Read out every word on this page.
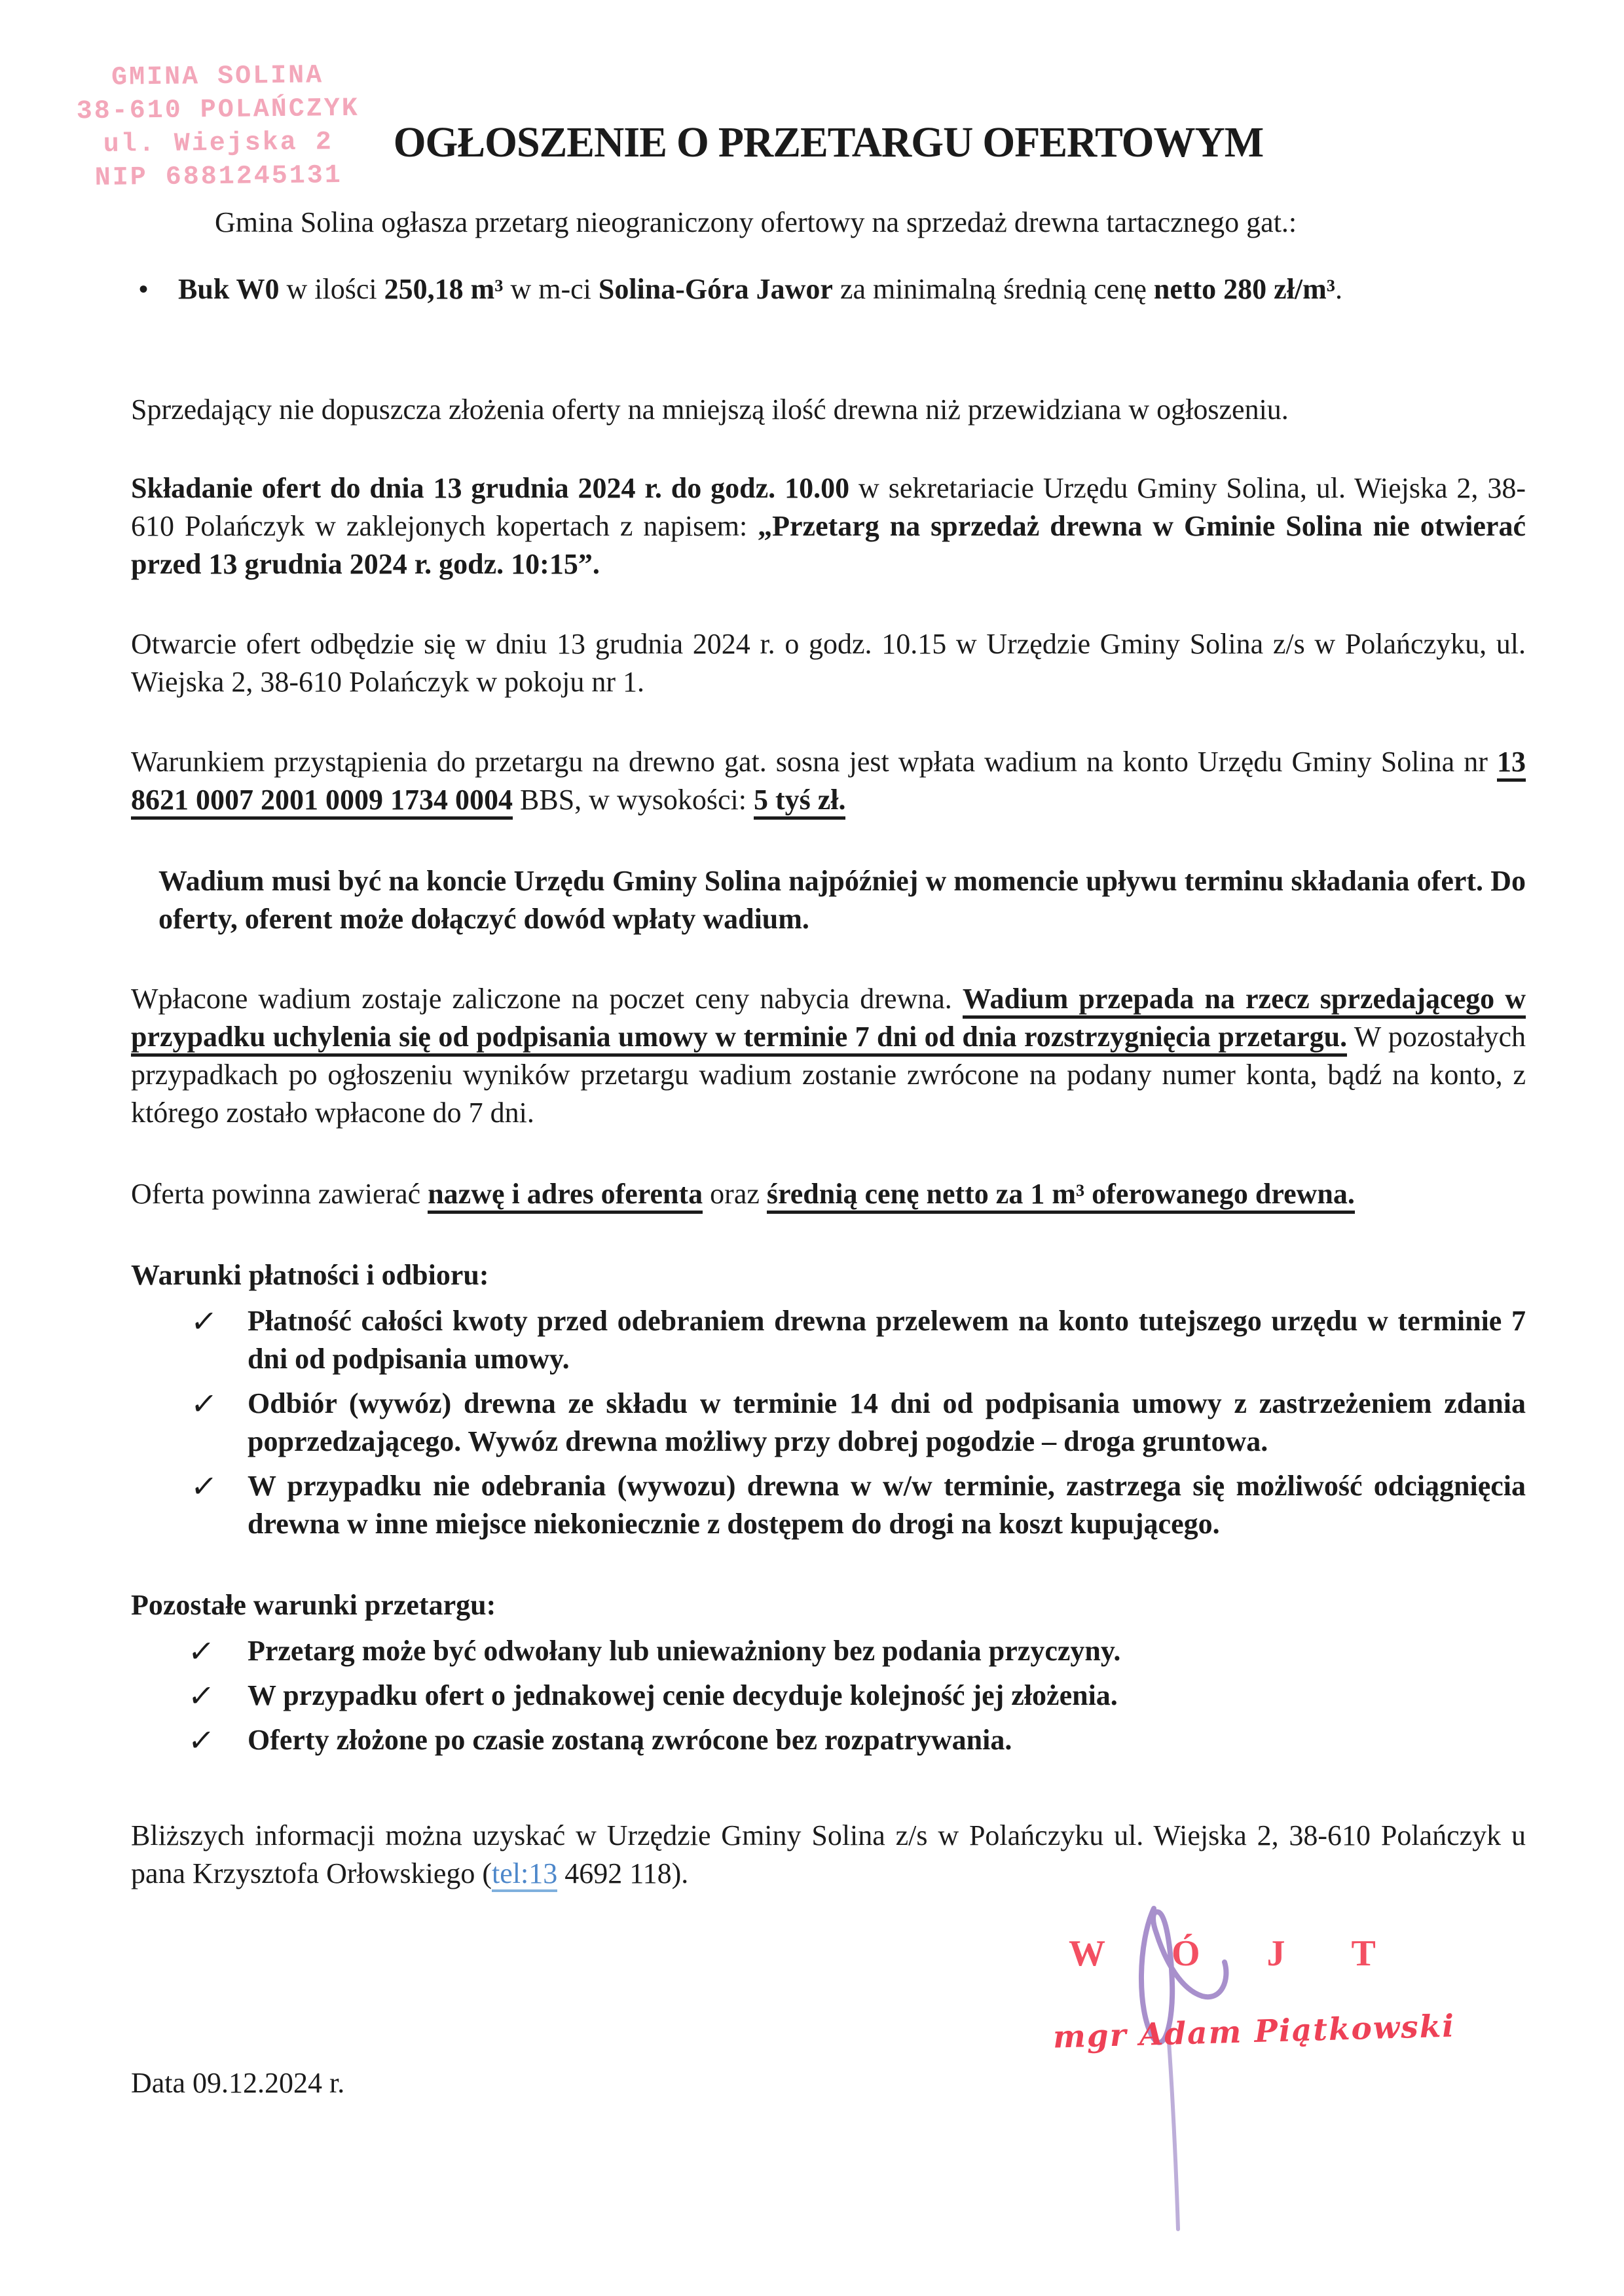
GMINA SOLINA
38-610 POLAŃCZYK
ul. Wiejska 2
NIP 6881245131
OGŁOSZENIE O PRZETARGU OFERTOWYM

Gmina Solina ogłasza przetarg nieograniczony ofertowy na sprzedaż drewna tartacznego gat.:

•	Buk W0 w ilości 250,18 m³ w m-ci Solina-Góra Jawor za minimalną średnią cenę netto 280 zł/m³.

Sprzedający nie dopuszcza złożenia oferty na mniejszą ilość drewna niż przewidziana w ogłoszeniu.

Składanie ofert do dnia 13 grudnia 2024 r. do godz. 10.00 w sekretariacie Urzędu Gminy Solina, ul. Wiejska 2, 38-610 Polańczyk w zaklejonych kopertach z napisem: „Przetarg na sprzedaż drewna w Gminie Solina nie otwierać przed 13 grudnia 2024 r. godz. 10:15”.

Otwarcie ofert odbędzie się w dniu 13 grudnia 2024 r. o godz. 10.15 w Urzędzie Gminy Solina z/s w Polańczyku, ul. Wiejska 2, 38-610 Polańczyk w pokoju nr 1.

Warunkiem przystąpienia do przetargu na drewno gat. sosna jest wpłata wadium na konto Urzędu Gminy Solina nr 13 8621 0007 2001 0009 1734 0004 BBS, w wysokości: 5 tyś zł.

Wadium musi być na koncie Urzędu Gminy Solina najpóźniej w momencie upływu terminu składania ofert. Do oferty, oferent może dołączyć dowód wpłaty wadium.

Wpłacone wadium zostaje zaliczone na poczet ceny nabycia drewna. Wadium przepada na rzecz sprzedającego w przypadku uchylenia się od podpisania umowy w terminie 7 dni od dnia rozstrzygnięcia przetargu. W pozostałych przypadkach po ogłoszeniu wyników przetargu wadium zostanie zwrócone na podany numer konta, bądź na konto, z którego zostało wpłacone do 7 dni.

Oferta powinna zawierać nazwę i adres oferenta oraz średnią cenę netto za 1 m³ oferowanego drewna.

Warunki płatności i odbioru:

✓ Płatność całości kwoty przed odebraniem drewna przelewem na konto tutejszego urzędu w terminie 7 dni od podpisania umowy.
✓ Odbiór (wywóz) drewna ze składu w terminie 14 dni od podpisania umowy z zastrzeżeniem zdania poprzedzającego. Wywóz drewna możliwy przy dobrej pogodzie – droga gruntowa.
✓ W przypadku nie odebrania (wywozu) drewna w w/w terminie, zastrzega się możliwość odciągnięcia drewna w inne miejsce niekoniecznie z dostępem do drogi na koszt kupującego.

Pozostałe warunki przetargu:

✓	Przetarg może być odwołany lub unieważniony bez podania przyczyny.
✓	W przypadku ofert o jednakowej cenie decyduje kolejność jej złożenia.
✓	Oferty złożone po czasie zostaną zwrócone bez rozpatrywania.

Bliższych informacji można uzyskać w Urzędzie Gminy Solina z/s w Polańczyku ul. Wiejska 2, 38-610 Polańczyk u pana Krzysztofa Orłowskiego (tel:13 4692 118).

W Ó J T
mgr Adam Piątkowski

Data 09.12.2024 r.
